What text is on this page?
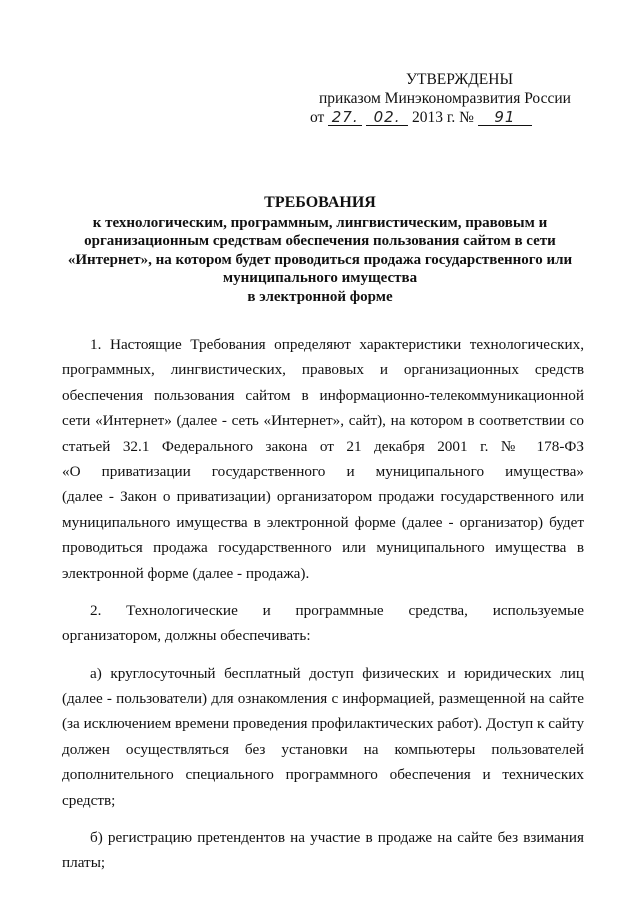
УТВЕРЖДЕНЫ
приказом Минэкономразвития России
от 27. 02. 2013 г. № 91
ТРЕБОВАНИЯ
к технологическим, программным, лингвистическим, правовым и
организационным средствам обеспечения пользования сайтом в сети
«Интернет», на котором будет проводиться продажа государственного или
муниципального имущества
в электронной форме
1. Настоящие Требования определяют характеристики технологических,
программных, лингвистических, правовых и организационных средств
обеспечения пользования сайтом в информационно-телекоммуникационной
сети «Интернет» (далее - сеть «Интернет», сайт), на котором в соответствии со
статьей 32.1 Федерального закона от 21 декабря 2001 г. № 178-ФЗ
«О приватизации государственного и муниципального имущества»
(далее - Закон о приватизации) организатором продажи государственного или
муниципального имущества в электронной форме (далее - организатор) будет
проводиться продажа государственного или муниципального имущества в
электронной форме (далее - продажа).
2. Технологические и программные средства, используемые
организатором, должны обеспечивать:
а) круглосуточный бесплатный доступ физических и юридических лиц
(далее - пользователи) для ознакомления с информацией, размещенной на сайте
(за исключением времени проведения профилактических работ). Доступ к сайту
должен осуществляться без установки на компьютеры пользователей
дополнительного специального программного обеспечения и технических
средств;
б) регистрацию претендентов на участие в продаже на сайте без взимания
платы;
